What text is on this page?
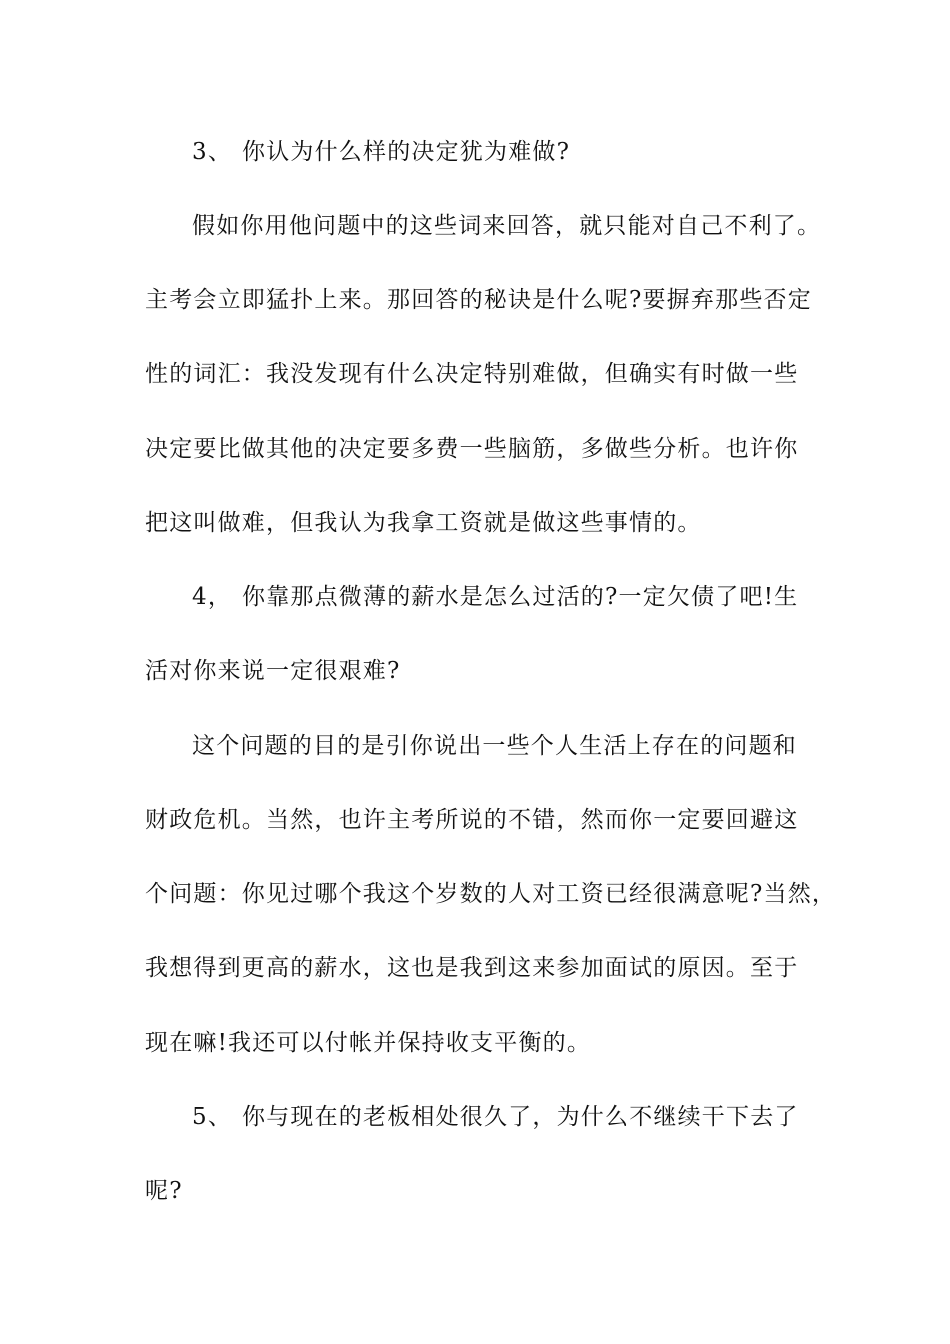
3、 你认为什么样的决定犹为难做?
假如你用他问题中的这些词来回答，就只能对自己不利了。
主考会立即猛扑上来。那回答的秘诀是什么呢?要摒弃那些否定
性的词汇：我没发现有什么决定特别难做，但确实有时做一些
决定要比做其他的决定要多费一些脑筋，多做些分析。也许你
把这叫做难，但我认为我拿工资就是做这些事情的。
4， 你靠那点微薄的薪水是怎么过活的?一定欠债了吧!生
活对你来说一定很艰难?
这个问题的目的是引你说出一些个人生活上存在的问题和
财政危机。当然，也许主考所说的不错，然而你一定要回避这
个问题：你见过哪个我这个岁数的人对工资已经很满意呢?当然，
我想得到更高的薪水，这也是我到这来参加面试的原因。至于
现在嘛!我还可以付帐并保持收支平衡的。
5、 你与现在的老板相处很久了，为什么不继续干下去了
呢?
